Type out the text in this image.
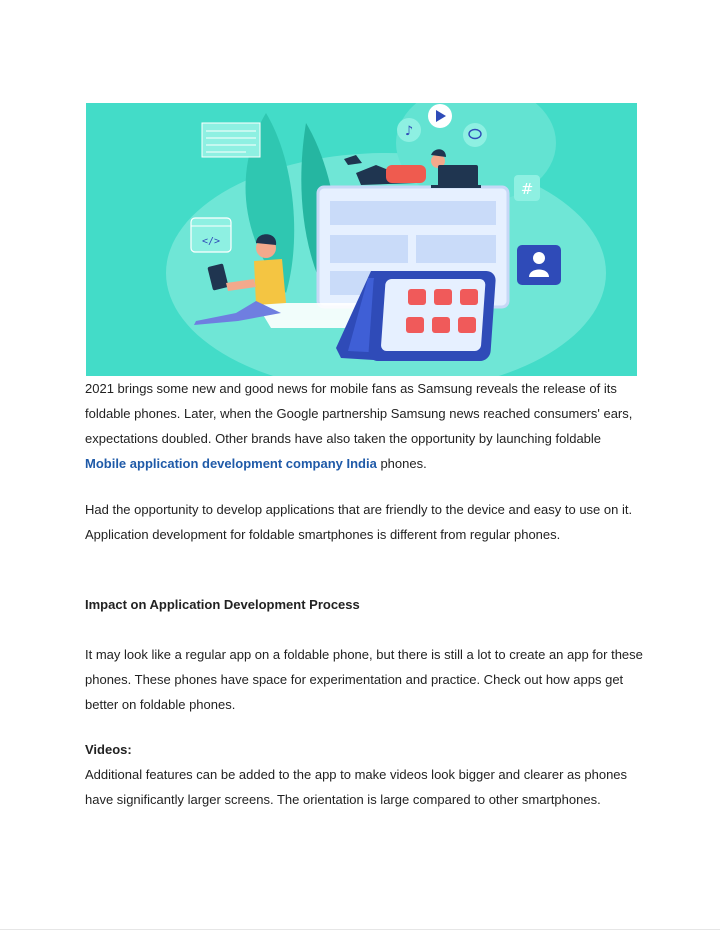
</>
♪
#
2021 brings some new and good news for mobile fans as Samsung reveals the release of its foldable phones. Later, when the Google partnership Samsung news reached consumers' ears, expectations doubled. Other brands have also taken the opportunity by launching foldable
Mobile application development company India phones.
Had the opportunity to develop applications that are friendly to the device and easy to use on it. Application development for foldable smartphones is different from regular phones.
Impact on Application Development Process
It may look like a regular app on a foldable phone, but there is still a lot to create an app for these phones. These phones have space for experimentation and practice. Check out how apps get better on foldable phones.
Videos:
Additional features can be added to the app to make videos look bigger and clearer as phones have significantly larger screens. The orientation is large compared to other smartphones.
